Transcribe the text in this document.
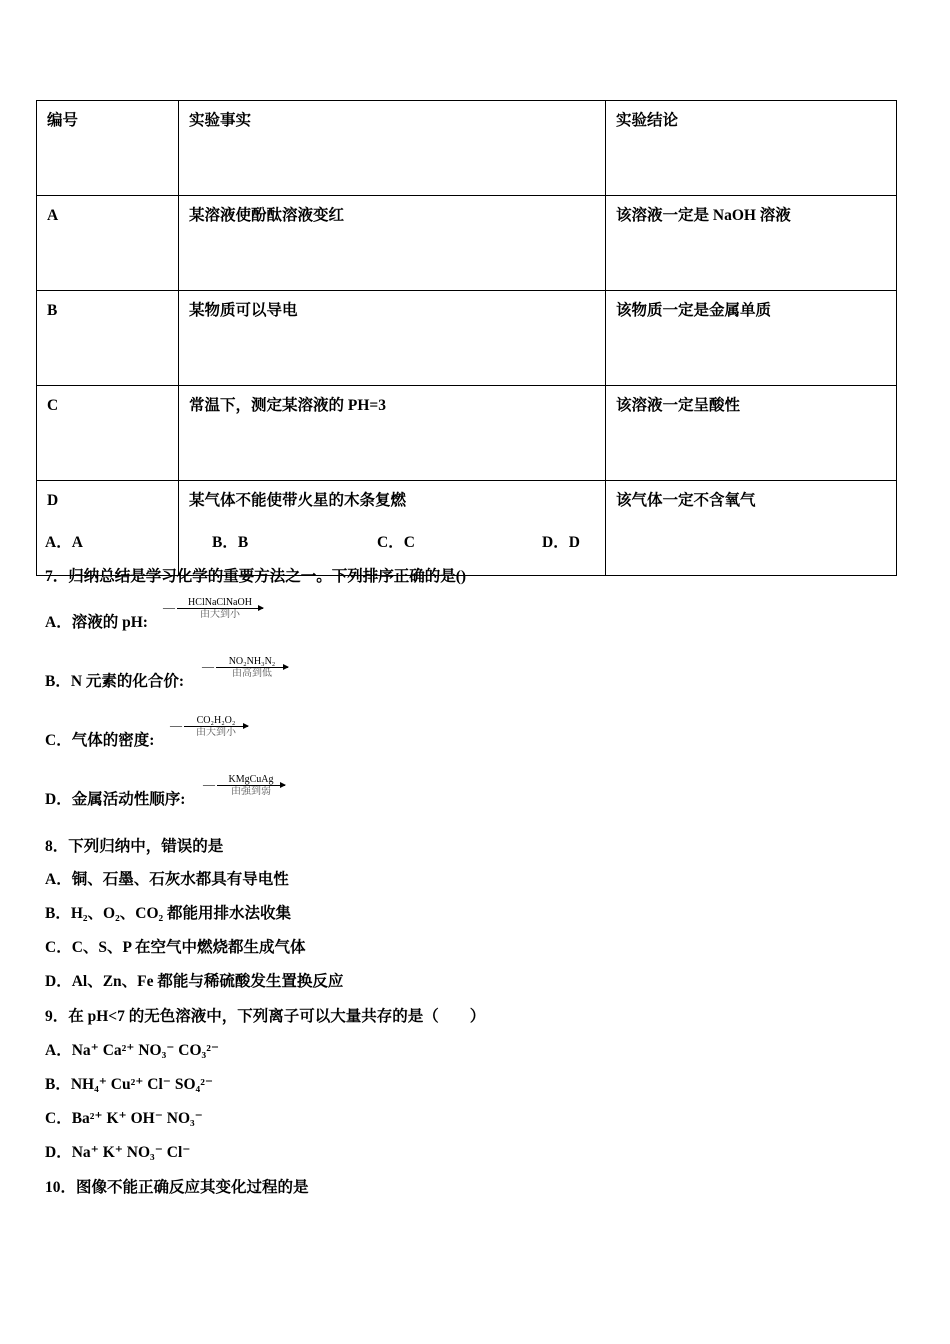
编号	实验事实	实验结论
A	某溶液使酚酞溶液变红	该溶液一定是 NaOH 溶液
B	某物质可以导电	该物质一定是金属单质
C	常温下，测定某溶液的 PH=3	该溶液一定呈酸性
D	某气体不能使带火星的木条复燃	该气体一定不含氧气
A．A	B．B	C．C	D．D
7．归纳总结是学习化学的重要方法之一。下列排序正确的是()
A．溶液的 pH:
—	HClNaClNaOH
由大到小
B．N 元素的化合价:
—	NO₂NH₃N₂
由高到低
C．气体的密度:
—	CO₂H₂O₂
由大到小
D．金属活动性顺序:
—	KMgCuAg
由强到弱
8．下列归纳中，错误的是
A．铜、石墨、石灰水都具有导电性
B．H₂、O₂、CO₂ 都能用排水法收集
C．C、S、P 在空气中燃烧都生成气体
D．Al、Zn、Fe 都能与稀硫酸发生置换反应
9．在 pH<7 的无色溶液中，下列离子可以大量共存的是（　　）
A．Na⁺ Ca²⁺ NO₃⁻ CO₃²⁻
B．NH₄⁺ Cu²⁺ Cl⁻ SO₄²⁻
C．Ba²⁺ K⁺ OH⁻ NO₃⁻
D．Na⁺ K⁺ NO₃⁻ Cl⁻
10．图像不能正确反应其变化过程的是
